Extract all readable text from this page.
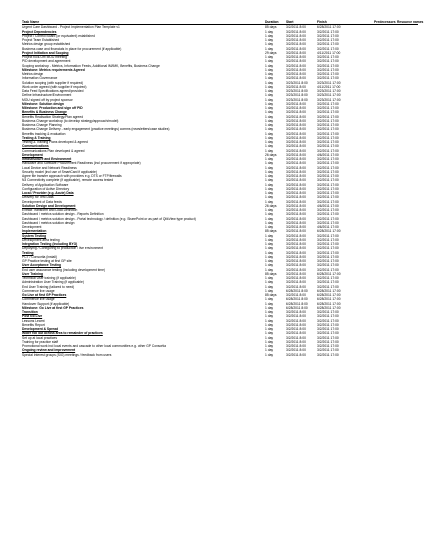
Task Name	Duration	Start	Finish	Predecessors Resource names
Urgent Care Dashboard - Project Implementation Plan Template v1	85 days	3/2/2011 8:00	6/28/2011 17:00
Project Dependencies	1 day	3/2/2011 8:00	3/2/2011 17:00
Project / Control Board (or equivalent) established	1 day	3/2/2011 8:00	3/2/2011 17:00
Project Team Established	1 day	3/2/2011 8:00	3/2/2011 17:00
Metrics design group established	1 day	3/2/2011 8:00	3/2/2011 17:00
Business case and financials in place for procurement (if applicable)	1 day	3/2/2011 8:00	3/2/2011 17:00
Project Initiation and Scoping	29 days	3/2/2011 8:00	4/11/2011 17:00
Project Kick-Off/ MOU meeting	1 day	3/2/2011 8:00	3/2/2011 17:00
PID development and agreement	1 day	3/2/2011 8:00	3/2/2011 17:00
Scoping workshop - Metrics, Information Feeds, Additional IM/IMK, Benefits, Business Change	1 day	3/2/2011 8:00	3/2/2011 17:00
Milestone: Metrics requirements Agreed	1 day	3/2/2011 8:00	3/2/2011 17:00
Metrics design	1 day	3/2/2011 8:00	3/2/2011 17:00
Information Governance	1 day	3/2/2011 8:00	3/2/2011 17:00
Solution scoping (with supplier if required)	1 day	3/23/2011 8:00	3/23/2011 17:00
Work order agreed (with supplier if required)	1 day	3/2/2011 8:00	4/11/2011 17:00
Data Feed Specifications agreed/provided	1 day	3/23/2011 8:00	3/23/2011 17:00
Define Infrastructure/Environment	1 day	3/23/2011 8:00	3/23/2011 17:00
MOU signed off by project sponsor	1 day	3/23/2011 8:00	3/23/2011 17:00
Milestone: Solution design	1 day	3/2/2011 8:00	3/2/2011 17:00
Milestone: Production and sign off PID	1 day	3/2/2011 8:00	3/2/2011 17:00
Benefits & Business Change	1 day	3/2/2011 8:00	3/2/2011 17:00
Benefits Realisation Strategy/Plan agreed	1 day	3/2/2011 8:00	3/2/2011 17:00
Business Change workshop (to develop strategy/approach/model)	1 day	3/2/2011 8:00	3/2/2011 17:00
Business Change Planning	1 day	3/2/2011 8:00	3/2/2011 17:00
Business Change Delivery - early engagement (practice meetings) comms (newsletters/case studies)	1 day	3/2/2011 8:00	3/2/2011 17:00
Benefits tracking & evaluation	1 day	3/2/2011 8:00	3/2/2011 17:00
Testing & Training	1 day	3/2/2011 8:00	3/2/2011 17:00
Testing & Training Plans developed & agreed	1 day	3/2/2011 8:00	3/2/2011 17:00
Communications	1 day	3/2/2011 8:00	3/2/2011 17:00
Communications Plan developed & agreed	1 day	3/2/2011 8:00	3/2/2011 17:00
Development	26 days	3/2/2011 8:00	4/6/2011 17:00
Infrastructure and Environment	1 day	3/2/2011 8:00	3/2/2011 17:00
Hardware and Software Procurement Readiness (incl procurement if appropriate)	1 day	3/2/2011 8:00	3/2/2011 17:00
Local Device and Network Readiness	1 day	3/2/2011 8:00	3/2/2011 17:00
Security model (incl use of SmartCard if applicable)	1 day	3/2/2011 8:00	3/2/2011 17:00
Agree file transfer approach with providers e.g. DTS or FTP/firewalls	1 day	3/2/2011 8:00	3/2/2011 17:00
N3 Connectivity complete (if applicable), remote access tested	1 day	3/2/2011 8:00	3/2/2011 17:00
Delivery of Application Software	1 day	3/2/2011 8:00	3/2/2011 17:00
Configuration of Active Directory	1 day	3/2/2011 8:00	3/2/2011 17:00
Local / Provider (e.g. Acute) Data	1 day	3/2/2011 8:00	3/2/2011 17:00
Delivery for Test Data	1 day	3/2/2011 8:00	3/2/2011 17:00
Development of Data feeds	1 day	3/2/2011 8:00	3/2/2011 17:00
Solution Design and Development	26 days	3/2/2011 8:00	4/6/2011 17:00
Extract Transform and Load Definition	1 day	3/2/2011 8:00	3/2/2011 17:00
Dashboard / metrics solution design - Reports Definition	1 day	3/2/2011 8:00	3/2/2011 17:00
Dashboard / metrics solution design - Portal technology / definition (e.g. SharePoint or as part of QlikView type product)	1 day	3/2/2011 8:00	3/2/2011 17:00
Dashboard / metrics solution design	1 day	3/2/2011 8:00	3/2/2011 17:00
Development	1 day	3/2/2011 8:00	4/6/2011 17:00
Implementation	85 days	3/2/2011 8:00	6/28/2011 17:00
System Testing	1 day	3/2/2011 8:00	3/2/2011 17:00
Development area testing	1 day	3/2/2011 8:00	3/2/2011 17:00
Integration Testing (Including BYO)	1 day	3/2/2011 8:00	3/2/2011 17:00
Deploying / Configuring to production / live environment	1 day	3/2/2011 8:00	3/2/2011 17:00
Testing	1 day	3/2/2011 8:00	3/2/2011 17:00
PCT / Consortia (install)	1 day	3/2/2011 8:00	3/2/2011 17:00
GP Practice testing at first GP site	1 day	3/2/2011 8:00	3/2/2011 17:00
User Acceptance Testing	1 day	3/2/2011 8:00	3/2/2011 17:00
End user assurance testing (including development time)	1 day	3/2/2011 8:00	3/2/2011 17:00
User Training	85 days	3/2/2011 8:00	6/28/2011 17:00
Technical User training (if applicable)	1 day	3/2/2011 8:00	3/2/2011 17:00
Administration User Training (if applicable)	1 day	3/2/2011 8:00	3/2/2011 17:00
End User Training (tailored to need)	1 day	3/2/2011 8:00	3/2/2011 17:00
Commence live usage	1 day	6/28/2011 8:00	6/28/2011 17:00
Go Live at first GP Practices	85 days	3/2/2011 8:00	6/28/2011 17:00
Commence live usage	1 day	6/28/2011 8:00	6/28/2011 17:00
Handover Support (if applicable)	1 day	6/28/2011 8:00	6/28/2011 17:00
Milestone: Go Live at first GP Practices	1 day	6/28/2011 8:00	6/28/2011 17:00
Transition	1 day	3/2/2011 8:00	3/2/2011 17:00
Post Go Live	1 day	3/2/2011 8:00	3/2/2011 17:00
Lessons Learnt	1 day	3/2/2011 8:00	3/2/2011 17:00
Benefits Report	1 day	3/2/2011 8:00	3/2/2011 17:00
Development & Spread	1 day	3/2/2011 8:00	3/2/2011 17:00
Wider roll out across area to remainder of practices	1 day	3/2/2011 8:00	3/2/2011 17:00
Set up at local practices	1 day	3/2/2011 8:00	3/2/2011 17:00
Training for practice staff	1 day	3/2/2011 8:00	3/2/2011 17:00
Promotional work incl local events and cascade to other local communities e.g. other GP Consortia	1 day	3/2/2011 8:00	3/2/2011 17:00
Ongoing review and improvement	1 day	3/2/2011 8:00	3/2/2011 17:00
Special Interest groups (SIG) meetings / feedback from users	1 day	3/2/2011 8:00	3/2/2011 17:00
